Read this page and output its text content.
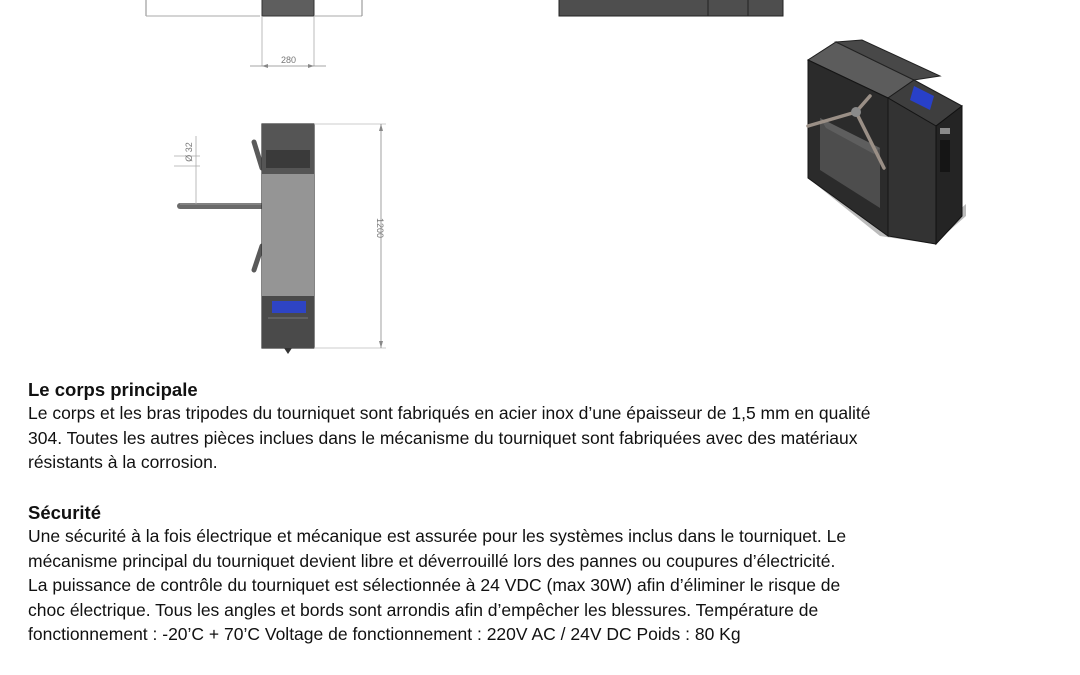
280
Ø 32
1200

Le corps principale

Le corps et les bras tripodes du tourniquet sont fabriqués en acier inox d’une épaisseur de 1,5 mm en qualité

304. Toutes les autres pièces inclues dans le mécanisme du tourniquet sont fabriquées avec des matériaux

résistants à la corrosion.

Sécurité

Une sécurité à la fois électrique et mécanique est assurée pour les systèmes inclus dans le tourniquet. Le

mécanisme principal du tourniquet devient libre et déverrouillé lors des pannes ou coupures d’électricité.

La puissance de contrôle du tourniquet est sélectionnée à 24 VDC (max 30W) afin d’éliminer le risque de

choc électrique. Tous les angles et bords sont arrondis afin d’empêcher les blessures. Température de

fonctionnement : -20’C + 70’C Voltage de fonctionnement : 220V AC / 24V DC Poids : 80 Kg
